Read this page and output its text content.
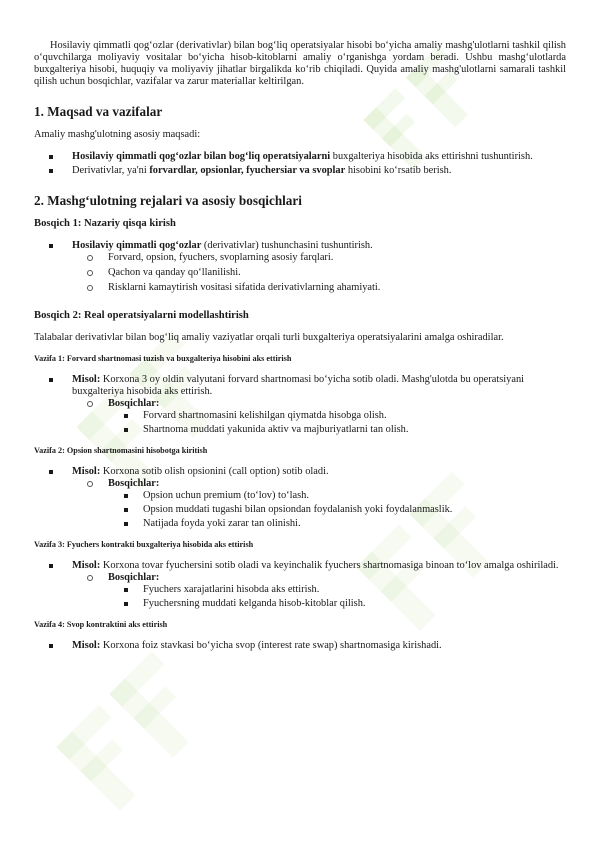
Hosilaviy qimmatli qog‘ozlar (derivativlar) bilan bog‘liq operatsiyalar hisobi bo‘yicha amaliy mashg'ulotlarni tashkil qilish o‘quvchilarga moliyaviy vositalar bo‘yicha hisob-kitoblarni amaliy o‘rganishga yordam beradi. Ushbu mashg‘ulotlarda buxgalteriya hisobi, huquqiy va moliyaviy jihatlar birgalikda ko‘rib chiqiladi. Quyida amaliy mashg'ulotlarni samarali tashkil qilish uchun bosqichlar, vazifalar va zarur materiallar keltirilgan.

1. Maqsad va vazifalar

Amaliy mashg'ulotning asosiy maqsadi:

Hosilaviy qimmatli qog‘ozlar bilan bog‘liq operatsiyalarni buxgalteriya hisobida aks ettirishni tushuntirish.
Derivativlar, ya'ni forvardlar, opsionlar, fyuchersiar va svoplar hisobini ko‘rsatib berish.
2. Mashg‘ulotning rejalari va asosiy bosqichlari
Bosqich 1: Nazariy qisqa kirish
Hosilaviy qimmatli qog‘ozlar (derivativlar) tushunchasini tushuntirish.
Forvard, opsion, fyuchers, svoplarning asosiy farqlari.
Qachon va qanday qo‘llanilishi.
Risklarni kamaytirish vositasi sifatida derivativlarning ahamiyati.
Bosqich 2: Real operatsiyalarni modellashtirish

Talabalar derivativlar bilan bog‘liq amaliy vaziyatlar orqali turli buxgalteriya operatsiyalarini amalga oshiradilar.

Vazifa 1: Forvard shartnomasi tuzish va buxgalteriya hisobini aks ettirish
Misol: Korxona 3 oy oldin valyutani forvard shartnomasi bo‘yicha sotib oladi. Mashg'ulotda bu operatsiyani buxgalteriya hisobida aks ettirish.
Bosqichlar:
Forvard shartnomasini kelishilgan qiymatda hisobga olish.
Shartnoma muddati yakunida aktiv va majburiyatlarni tan olish.
Vazifa 2: Opsion shartnomasini hisobotga kiritish
Misol: Korxona sotib olish opsionini (call option) sotib oladi.
Bosqichlar:
Opsion uchun premium (to‘lov) to‘lash.
Opsion muddati tugashi bilan opsiondan foydalanish yoki foydalanmaslik.
Natijada foyda yoki zarar tan olinishi.
Vazifa 3: Fyuchers kontrakti buxgalteriya hisobida aks ettirish
Misol: Korxona tovar fyuchersini sotib oladi va keyinchalik fyuchers shartnomasiga binoan to‘lov amalga oshiriladi.
Bosqichlar:
Fyuchers xarajatlarini hisobda aks ettirish.
Fyuchersning muddati kelganda hisob-kitoblar qilish.
Vazifa 4: Svop kontraktini aks ettirish
Misol: Korxona foiz stavkasi bo‘yicha svop (interest rate swap) shartnomasiga kirishadi.
